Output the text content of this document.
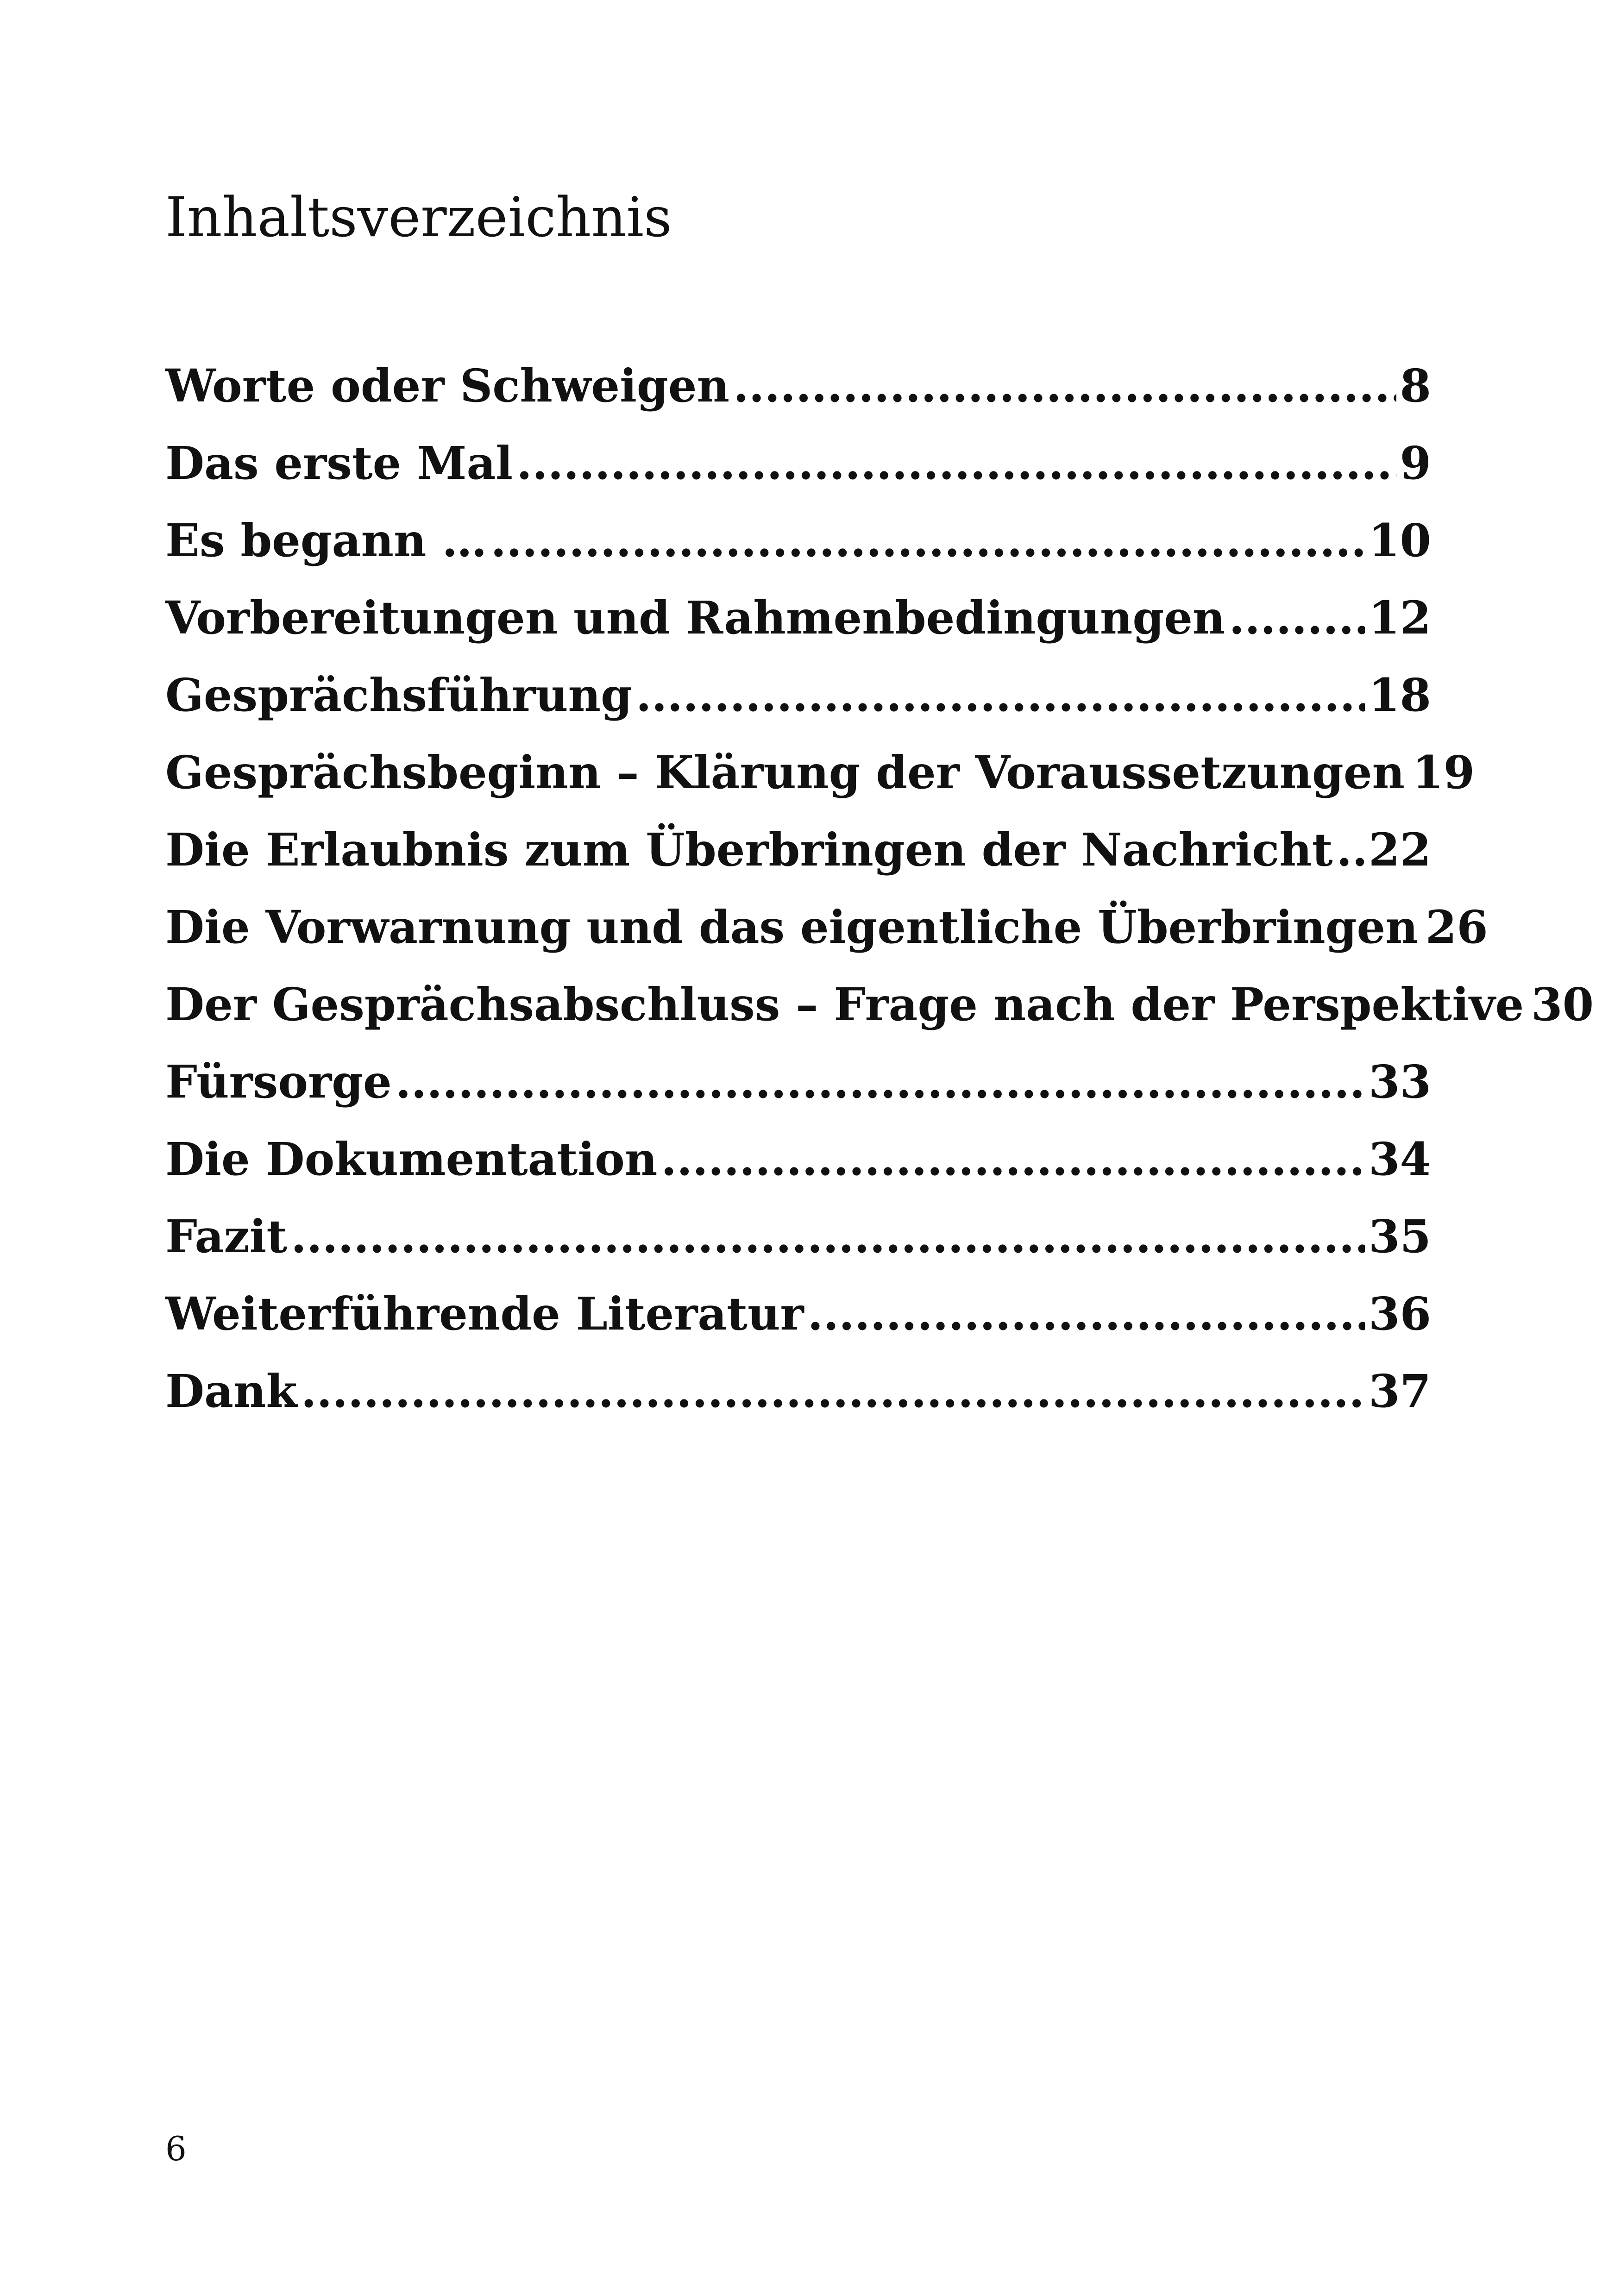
Inhaltsverzeichnis
Worte oder Schweigen .....	8
Das erste Mal .....	9
Es begann … .....	10
Vorbereitungen und Rahmenbedingungen .....	12
Gesprächsführung .....	18
Gesprächsbeginn – Klärung der Voraussetzungen 19
Die Erlaubnis zum Überbringen der Nachricht ..... 22
Die Vorwarnung und das eigentliche Überbringen 26
Der Gesprächsabschluss – Frage nach der Perspektive 30
Fürsorge .....	33
Die Dokumentation .....	34
Fazit .....	35
Weiterführende Literatur .....	36
Dank .....	37

6
